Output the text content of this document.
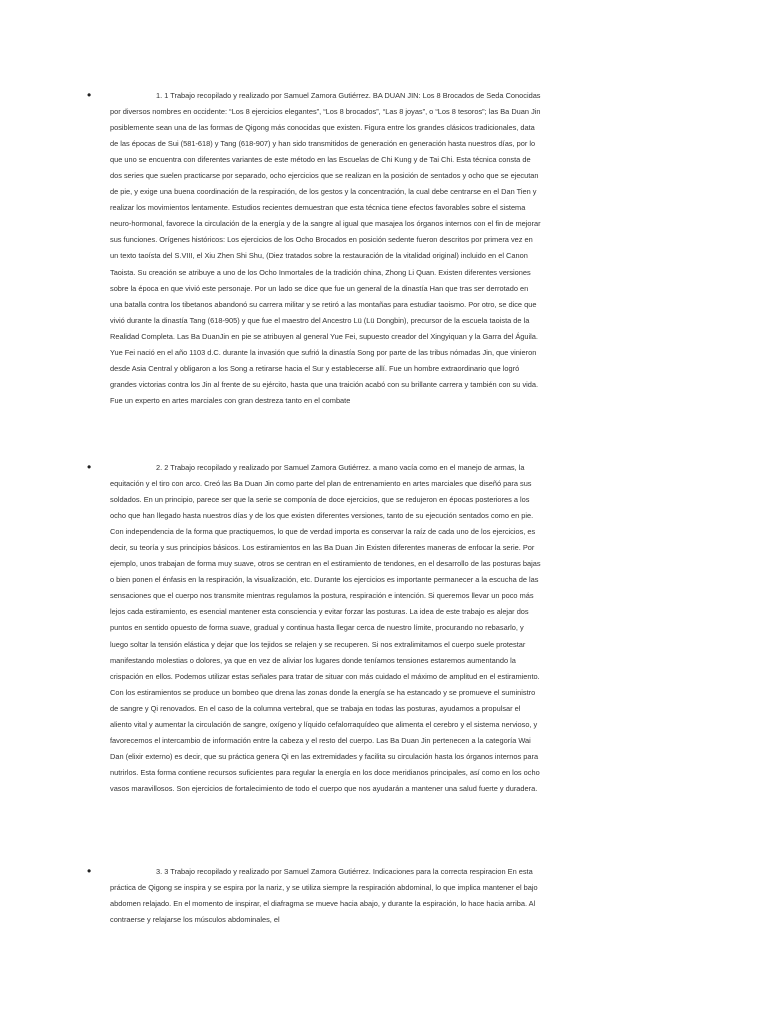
•	1. 1 Trabajo recopilado y realizado por Samuel Zamora Gutiérrez. BA DUAN JIN: Los 8 Brocados de Seda Conocidas por diversos nombres en occidente: “Los 8 ejercicios elegantes”, “Los 8 brocados”, “Las 8 joyas”, o “Los 8 tesoros”; las Ba Duan Jin posiblemente sean una de las formas de Qigong más conocidas que existen. Figura entre los grandes clásicos tradicionales, data de las épocas de Sui (581-618) y Tang (618-907) y han sido transmitidos de generación en generación hasta nuestros días, por lo que uno se encuentra con diferentes variantes de este método en las Escuelas de Chi Kung y de Tai Chi. Esta técnica consta de dos series que suelen practicarse por separado, ocho ejercicios que se realizan en la posición de sentados y ocho que se ejecutan de pie, y exige una buena coordinación de la respiración, de los gestos y la concentración, la cual debe centrarse en el Dan Tien y realizar los movimientos lentamente. Estudios recientes demuestran que esta técnica tiene efectos favorables sobre el sistema neuro-hormonal, favorece la circulación de la energía y de la sangre al igual que masajea los órganos internos con el fin de mejorar sus funciones. Orígenes históricos: Los ejercicios de los Ocho Brocados en posición sedente fueron descritos por primera vez en un texto taoísta del S.VIII, el Xiu Zhen Shi Shu, (Diez tratados sobre la restauración de la vitalidad original) incluido en el Canon Taoista. Su creación se atribuye a uno de los Ocho Inmortales de la tradición china, Zhong Li Quan. Existen diferentes versiones sobre la época en que vivió este personaje. Por un lado se dice que fue un general de la dinastía Han que tras ser derrotado en una batalla contra los tibetanos abandonó su carrera militar y se retiró a las montañas para estudiar taoismo. Por otro, se dice que vivió durante la dinastía Tang (618-905) y que fue el maestro del Ancestro Lü (Lü Dongbin), precursor de la escuela taoista de la Realidad Completa. Las Ba DuanJin en pie se atribuyen al general Yue Fei, supuesto creador del Xingyiquan y la Garra del Águila. Yue Fei nació en el año 1103 d.C. durante la invasión que sufrió la dinastía Song por parte de las tribus nómadas Jin, que vinieron desde Asia Central y obligaron a los Song a retirarse hacia el Sur y establecerse allí. Fue un hombre extraordinario que logró grandes victorias contra los Jin al frente de su ejército, hasta que una traición acabó con su brillante carrera y también con su vida. Fue un experto en artes marciales con gran destreza tanto en el combate

•	2. 2 Trabajo recopilado y realizado por Samuel Zamora Gutiérrez. a mano vacía como en el manejo de armas, la equitación y el tiro con arco. Creó las Ba Duan Jin como parte del plan de entrenamiento en artes marciales que diseñó para sus soldados. En un principio, parece ser que la serie se componía de doce ejercicios, que se redujeron en épocas posteriores a los ocho que han llegado hasta nuestros días y de los que existen diferentes versiones, tanto de su ejecución sentados como en pie. Con independencia de la forma que practiquemos, lo que de verdad importa es conservar la raíz de cada uno de los ejercicios, es decir, su teoría y sus principios básicos. Los estiramientos en las Ba Duan Jin Existen diferentes maneras de enfocar la serie. Por ejemplo, unos trabajan de forma muy suave, otros se centran en el estiramiento de tendones, en el desarrollo de las posturas bajas o bien ponen el énfasis en la respiración, la visualización, etc. Durante los ejercicios es importante permanecer a la escucha de las sensaciones que el cuerpo nos transmite mientras regulamos la postura, respiración e intención. Si queremos llevar un poco más lejos cada estiramiento, es esencial mantener esta consciencia y evitar forzar las posturas. La idea de este trabajo es alejar dos puntos en sentido opuesto de forma suave, gradual y continua hasta llegar cerca de nuestro límite, procurando no rebasarlo, y luego soltar la tensión elástica y dejar que los tejidos se relajen y se recuperen. Si nos extralimitamos el cuerpo suele protestar manifestando molestias o dolores, ya que en vez de aliviar los lugares donde teníamos tensiones estaremos aumentando la crispación en ellos. Podemos utilizar estas señales para tratar de situar con más cuidado el máximo de amplitud en el estiramiento. Con los estiramientos se produce un bombeo que drena las zonas donde la energía se ha estancado y se promueve el suministro de sangre y Qi renovados. En el caso de la columna vertebral, que se trabaja en todas las posturas, ayudamos a propulsar el aliento vital y aumentar la circulación de sangre, oxígeno y líquido cefalorraquídeo que alimenta el cerebro y el sistema nervioso, y favorecemos el intercambio de información entre la cabeza y el resto del cuerpo. Las Ba Duan Jin pertenecen a la categoría Wai Dan (elixir externo) es decir, que su práctica genera Qi en las extremidades y facilita su circulación hasta los órganos internos para nutrirlos. Esta forma contiene recursos suficientes para regular la energía en los doce meridianos principales, así como en los ocho vasos maravillosos. Son ejercicios de fortalecimiento de todo el cuerpo que nos ayudarán a mantener una salud fuerte y duradera.

•	3. 3 Trabajo recopilado y realizado por Samuel Zamora Gutiérrez. Indicaciones para la correcta respiracion En esta práctica de Qigong se inspira y se espira por la nariz, y se utiliza siempre la respiración abdominal, lo que implica mantener el bajo abdomen relajado. En el momento de inspirar, el diafragma se mueve hacia abajo, y durante la espiración, lo hace hacia arriba. Al contraerse y relajarse los músculos abdominales, el
